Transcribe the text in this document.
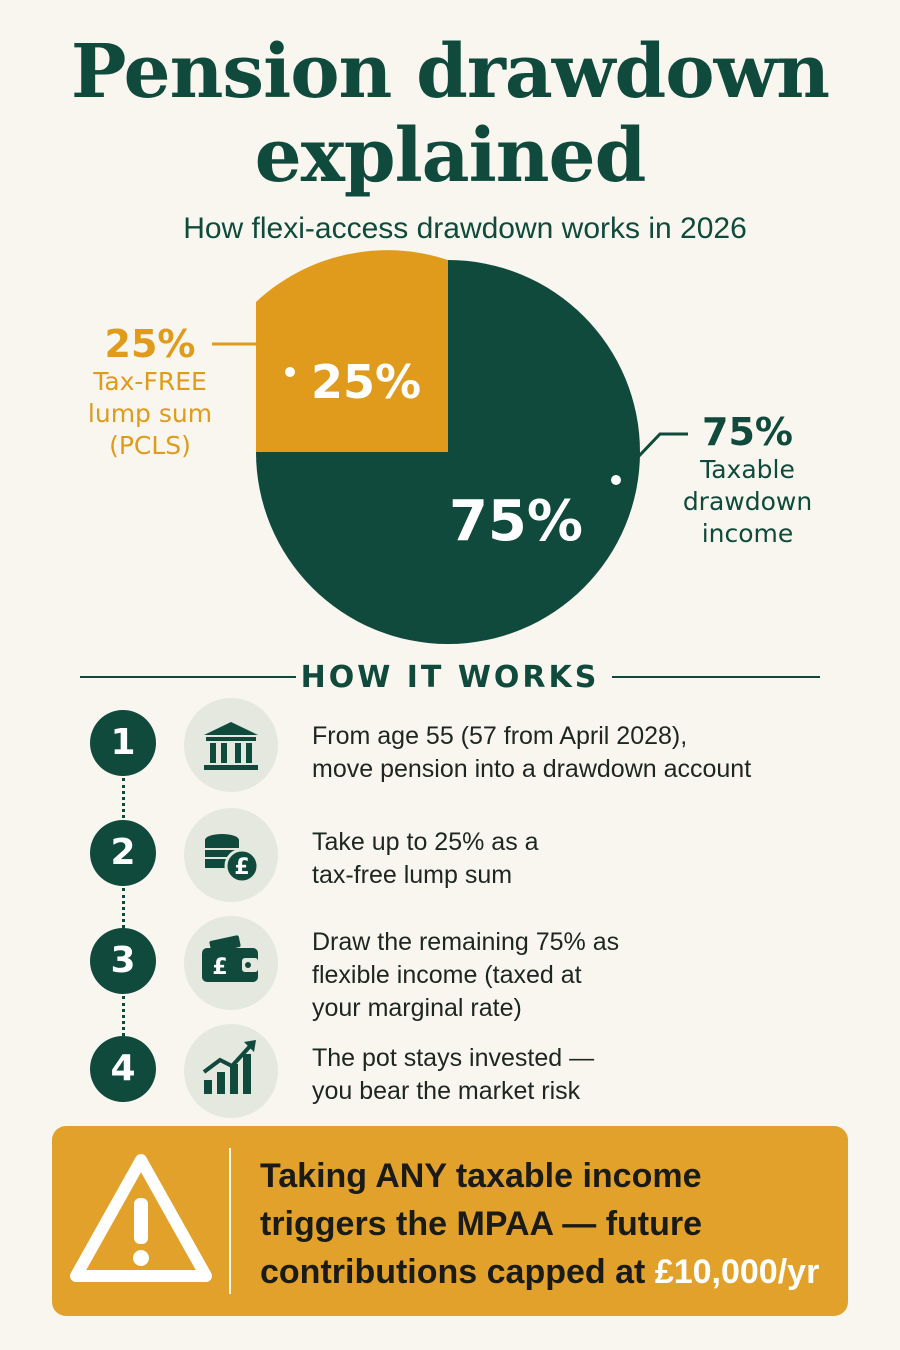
Pension drawdown
explained
How flexi-access drawdown works in 2026
25%
75%
25%
Tax-FREE
lump sum
(PCLS)	75%
Taxable
drawdown
income
HOW IT WORKS
1	From age 55 (57 from April 2028),
move pension into a drawdown account
2	£
Take up to 25% as a
tax-free lump sum
3	£
Draw the remaining 75% as
flexible income (taxed at
your marginal rate)
4	The pot stays invested —
you bear the market risk
Taking ANY taxable income
triggers the MPAA — future
contributions capped at £10,000/yr
